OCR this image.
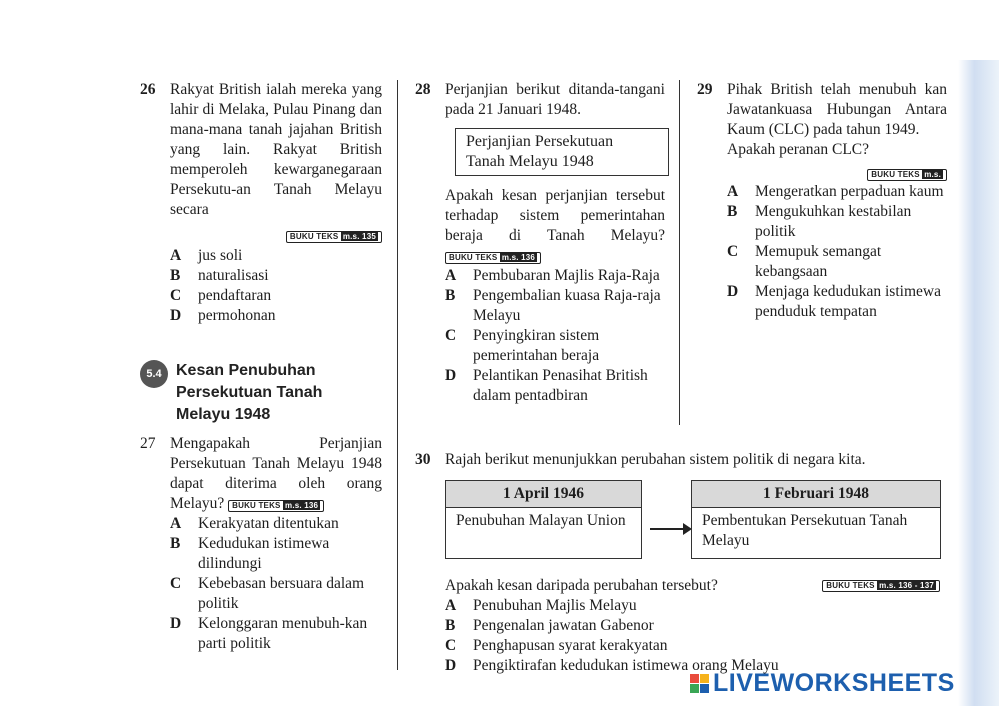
26 Rakyat British ialah mereka yang lahir di Melaka, Pulau Pinang dan mana-mana tanah jajahan British yang lain. Rakyat British memperoleh kewarganegaraan Persekutu-an Tanah Melayu secara
BUKU TEKS m.s. 135
A jus soli
B naturalisasi
C pendaftaran
D permohonan
5.4 Kesan Penubuhan
Persekutuan Tanah
Melayu 1948
27 Mengapakah Perjanjian Persekutuan Tanah Melayu 1948 dapat diterima oleh orang Melayu? BUKU TEKS m.s. 136
A Kerakyatan ditentukan
B Kedudukan istimewa dilindungi
C Kebebasan bersuara dalam politik
D Kelonggaran menubuh-kan parti politik
28 Perjanjian berikut ditanda-tangani pada 21 Januari 1948.
Perjanjian Persekutuan
Tanah Melayu 1948
Apakah kesan perjanjian tersebut terhadap sistem pemerintahan beraja di Tanah Melayu? BUKU TEKS m.s. 136
A Pembubaran Majlis Raja-Raja
B Pengembalian kuasa Raja-raja Melayu
C Penyingkiran sistem pemerintahan beraja
D Pelantikan Penasihat British dalam pentadbiran
29 Pihak British telah menubuh kan Jawatankuasa Hubungan Antara Kaum (CLC) pada tahun 1949.
Apakah peranan CLC?
BUKU TEKS m.s.
A Mengeratkan perpaduan kaum
B Mengukuhkan kestabilan politik
C Memupuk semangat kebangsaan
D Menjaga kedudukan istimewa penduduk tempatan
30 Rajah berikut menunjukkan perubahan sistem politik di negara kita.
1 April 1946
Penubuhan Malayan Union
1 Februari 1948
Pembentukan Persekutuan Tanah Melayu
Apakah kesan daripada perubahan tersebut?	BUKU TEKS m.s. 136 - 137
A Penubuhan Majlis Melayu
B Pengenalan jawatan Gabenor
C Penghapusan syarat kerakyatan
D Pengiktirafan kedudukan istimewa orang Melayu
LIVEWORKSHEETS
